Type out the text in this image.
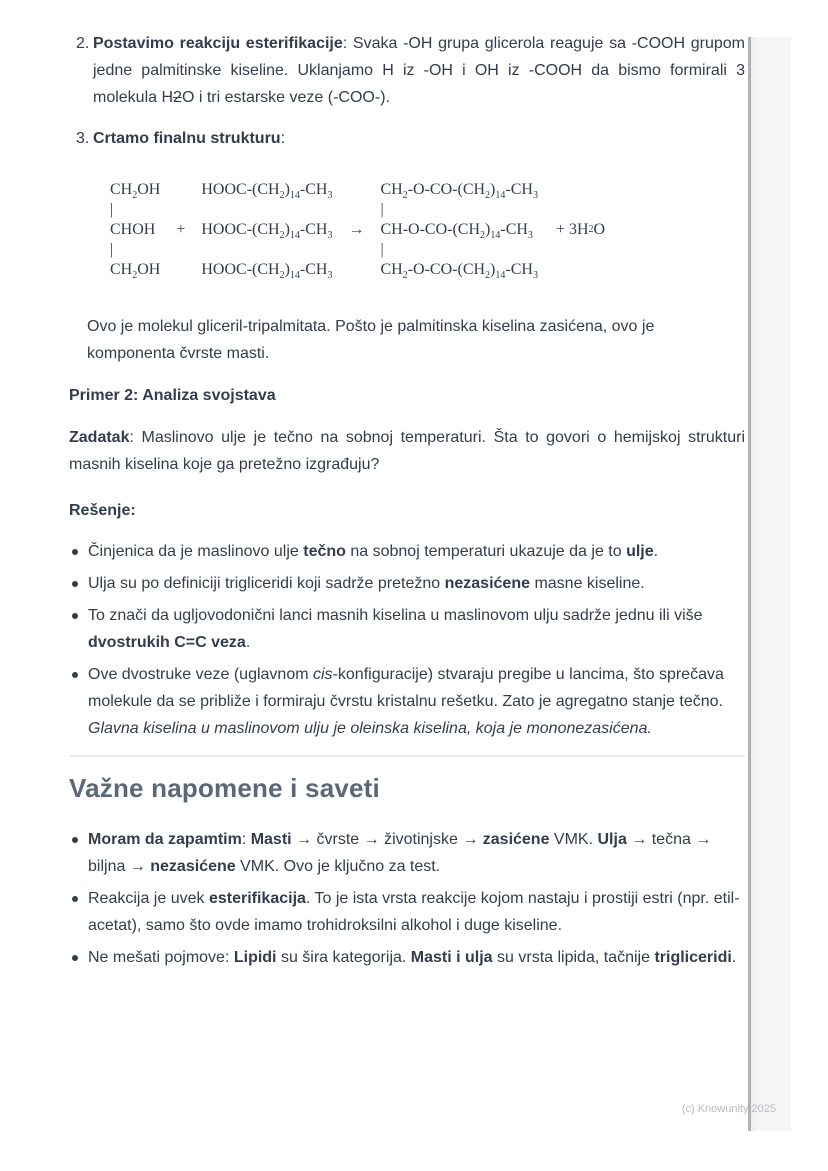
2. Postavimo reakciju esterifikacije: Svaka -OH grupa glicerola reaguje sa -COOH grupom jedne palmitinske kiseline. Uklanjamo H iz -OH i OH iz -COOH da bismo formirali 3 molekula H2O i tri estarske veze (-COO-).
3. Crtamo finalnu strukturu:
$CH_2OH$
|
CHOH
|
$CH_2OH$
+
HOOC-$(CH_2)_{14}-CH_3$
HOOC-$(CH_2)_{14}-CH_3$
HOOC-$(CH_2)_{14}-CH_3$
→
$CH_2-O-CO-(CH_2)_{14}-CH_3$
|
$CH-O-CO-(CH_2)_{14}-CH_3$
|
$CH_2-O-CO-(CH_2)_{14}-CH_3$
+ 3H 2 O

Ovo je molekul gliceril-tripalmitata. Pošto je palmitinska kiselina zasićena, ovo je komponenta čvrste masti.

Primer 2: Analiza svojstava

Zadatak: Maslinovo ulje je tečno na sobnoj temperaturi. Šta to govori o hemijskoj strukturi masnih kiselina koje ga pretežno izgrađuju?

Rešenje:

Činjenica da je maslinovo ulje tečno na sobnoj temperaturi ukazuje da je to ulje.
Ulja su po definiciji trigliceridi koji sadrže pretežno nezasićene masne kiseline.
To znači da ugljovodonični lanci masnih kiselina u maslinovom ulju sadrže jednu ili više dvostrukih C=C veza.
Ove dvostruke veze (uglavnom cis-konfiguracije) stvaraju pregibe u lancima, što sprečava molekule da se približe i formiraju čvrstu kristalnu rešetku. Zato je agregatno stanje tečno. Glavna kiselina u maslinovom ulju je oleinska kiselina, koja je mononezasićena.
Važne napomene i saveti
Moram da zapamtim: Masti → čvrste → životinjske → zasićene VMK. Ulja → tečna → biljna → nezasićene VMK. Ovo je ključno za test.
Reakcija je uvek esterifikacija. To je ista vrsta reakcije kojom nastaju i prostiji estri (npr. etil-acetat), samo što ovde imamo trohidroksilni alkohol i duge kiseline.
Ne mešati pojmove: Lipidi su šira kategorija. Masti i ulja su vrsta lipida, tačnije trigliceridi.
(c) Knowunity 2025
